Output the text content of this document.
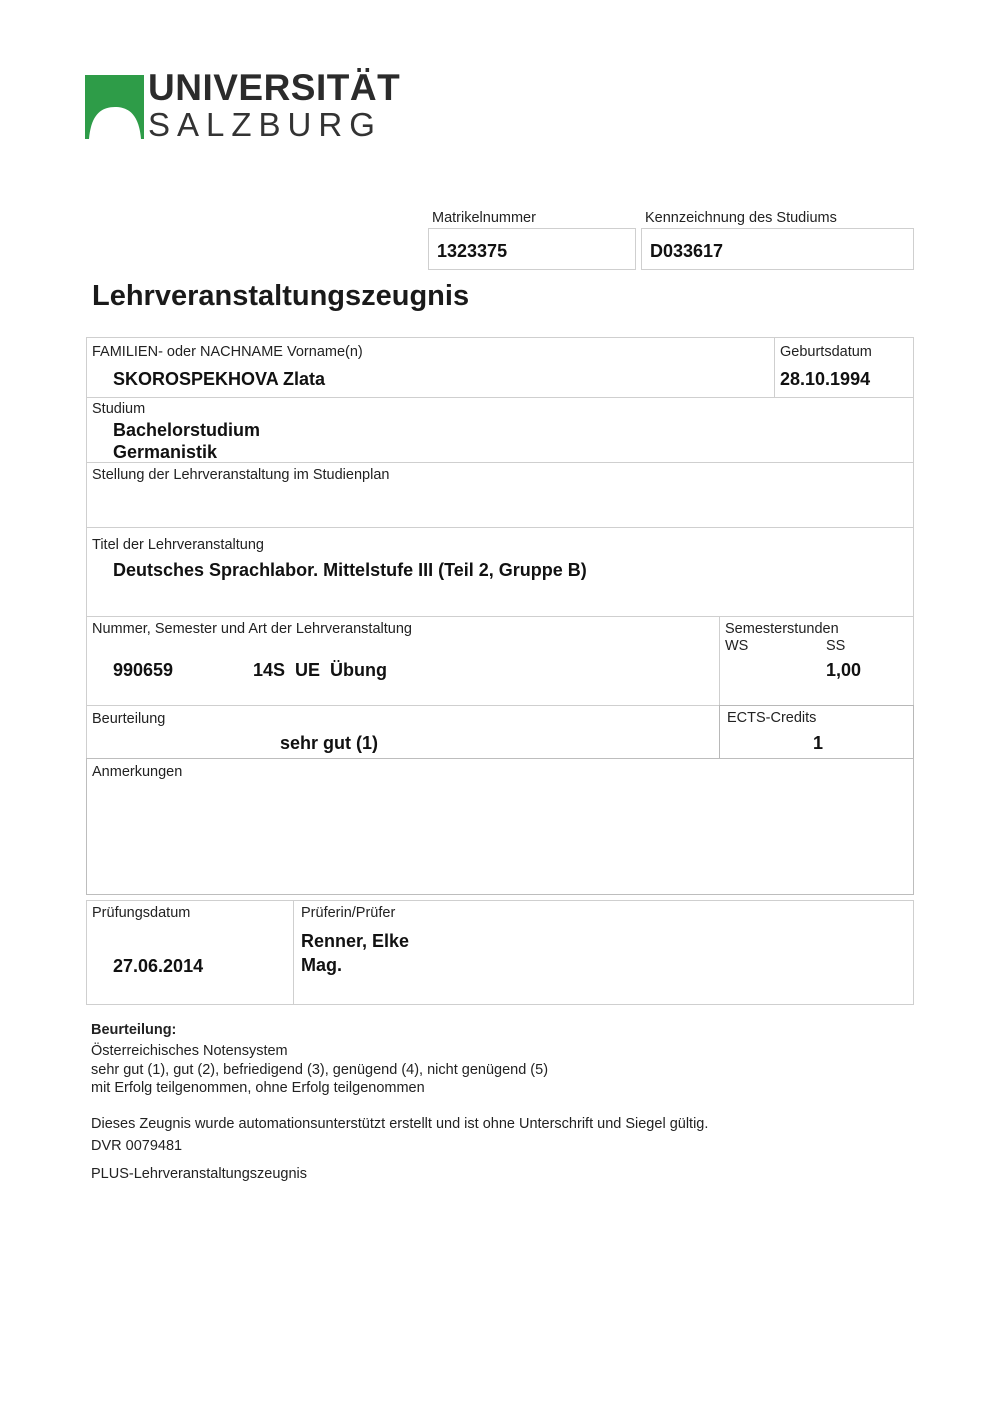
UNIVERSITÄT
SALZBURG
Matrikelnummer
1323375
Kennzeichnung des Studiums
D033617
Lehrveranstaltungszeugnis
FAMILIEN- oder NACHNAME Vorname(n)
SKOROSPEKHOVA Zlata
Geburtsdatum
28.10.1994
Studium
Bachelorstudium
Germanistik
Stellung der Lehrveranstaltung im Studienplan
Titel der Lehrveranstaltung
Deutsches Sprachlabor. Mittelstufe III (Teil 2, Gruppe B)
Nummer, Semester und Art der Lehrveranstaltung
990659	14S  UE  Übung
Semesterstunden
WS	SS
1,00
Beurteilung
sehr gut (1)
ECTS-Credits
1
Anmerkungen
Prüfungsdatum
27.06.2014
Prüferin/Prüfer
Renner, Elke
Mag.
Beurteilung:
Österreichisches Notensystem
sehr gut (1), gut (2), befriedigend (3), genügend (4), nicht genügend (5)
mit Erfolg teilgenommen, ohne Erfolg teilgenommen
Dieses Zeugnis wurde automationsunterstützt erstellt und ist ohne Unterschrift und Siegel gültig.
DVR 0079481
PLUS-Lehrveranstaltungszeugnis
